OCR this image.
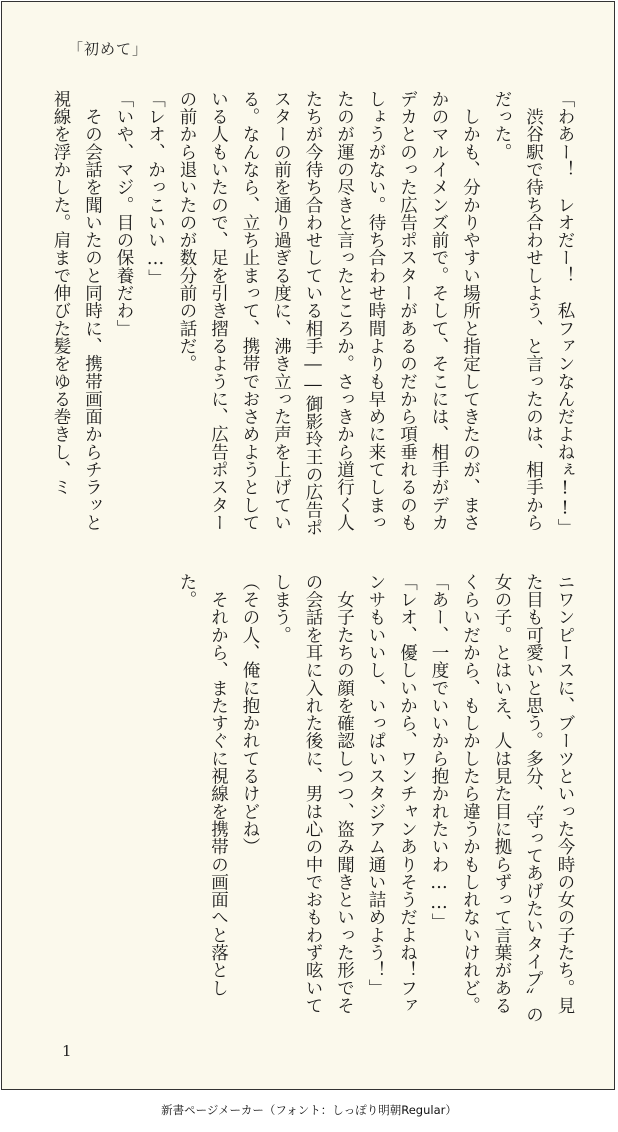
「初めて」

「わあー！　レオだー！　私ファンなんだよねぇ!!」

　渋谷駅で待ち合わせしよう、と言ったのは、相手からだった。

　しかも、分かりやすい場所と指定してきたのが、まさかのマルイメンズ前で。そして、そこには、相手がデカデカとのった広告ポスターがあるのだから項垂れるのもしょうがない。待ち合わせ時間よりも早めに来てしまったのが運の尽きと言ったところか。さっきから道行く人たちが今待ち合わせしている相手――御影玲王の広告ポスターの前を通り過ぎる度に、沸き立った声を上げている。なんなら、立ち止まって、携帯でおさめようとしている人もいたので、足を引き摺るように、広告ポスターの前から退いたのが数分前の話だ。

「レオ、かっこいい…」

「いや、マジ。目の保養だわ」

　その会話を聞いたのと同時に、携帯画面からチラッと視線を浮かした。肩まで伸びた髪をゆる巻きし、ミ

ニワンピースに、ブーツといった今時の女の子たち。見た目も可愛いと思う。多分、〝守ってあげたいタイプ〟の女の子。とはいえ、人は見た目に拠らずって言葉があるくらいだから、もしかしたら違うかもしれないけれど。

「あー、一度でいいから抱かれたいわ……」

「レオ、優しいから、ワンチャンありそうだよね！ファンサもいいし、いっぱいスタジアム通い詰めよう！」

　女子たちの顔を確認しつつ、盗み聞きといった形でその会話を耳に入れた後に、男は心の中でおもわず呟いてしまう。

（その人、俺に抱かれてるけどね）

　それから、またすぐに視線を携帯の画面へと落とした。

1
新書ページメーカー（フォント：しっぽり明朝Regular）
